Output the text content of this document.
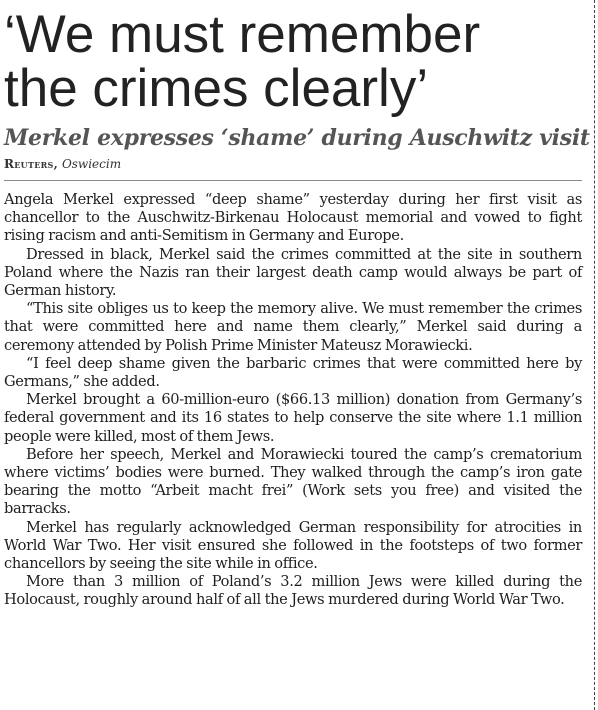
‘We must remember
the crimes clearly’
Merkel expresses ‘shame’ during Auschwitz visit
Reuters, Oswiecim

Angela Merkel expressed “deep shame” yesterday during her first visit as chancellor to the Auschwitz-Birkenau Holocaust memorial and vowed to fight rising racism and anti-Semitism in Germany and Europe.

Dressed in black, Merkel said the crimes committed at the site in southern Poland where the Nazis ran their largest death camp would always be part of German history.

“This site obliges us to keep the memory alive. We must remember the crimes that were committed here and name them clearly,” Merkel said during a ceremony attended by Polish Prime Minister Mateusz Morawiecki.

“I feel deep shame given the barbaric crimes that were committed here by Germans,” she added.

Merkel brought a 60-million-euro ($66.13 million) donation from Germany’s federal government and its 16 states to help conserve the site where 1.1 million people were killed, most of them Jews.

Before her speech, Merkel and Morawiecki toured the camp’s crematorium where victims’ bodies were burned. They walked through the camp’s iron gate bearing the motto “Arbeit macht frei” (Work sets you free) and visited the barracks.

Merkel has regularly acknowledged German responsibility for atrocities in World War Two. Her visit ensured she followed in the footsteps of two former chancellors by seeing the site while in office.

More than 3 million of Poland’s 3.2 million Jews were killed during the Holocaust, roughly around half of all the Jews murdered during World War Two.
